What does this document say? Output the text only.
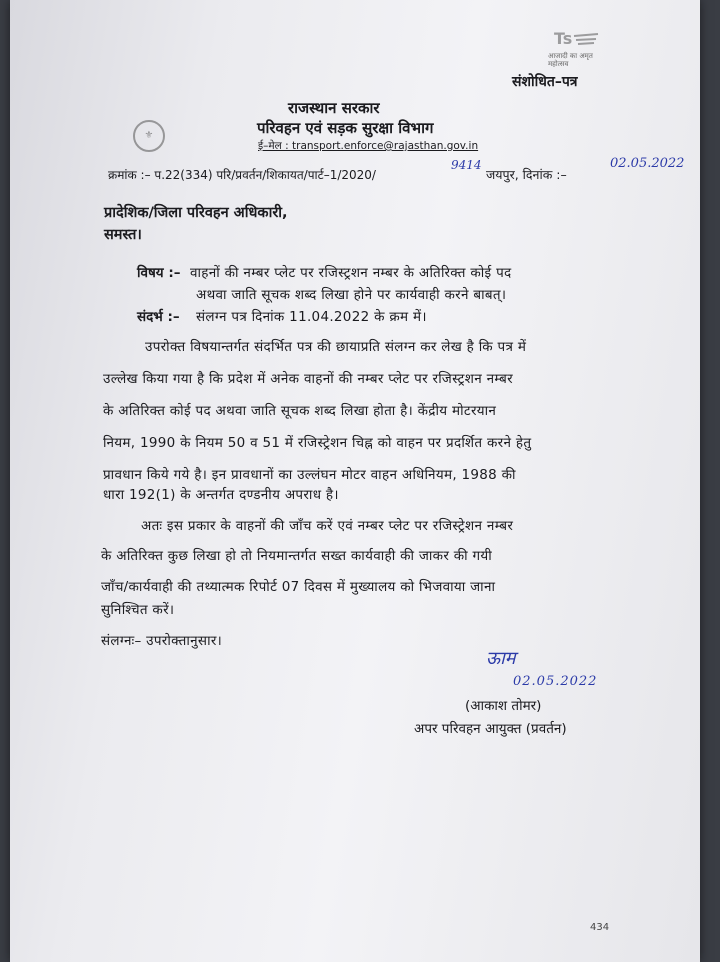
Ts
आजादी का अमृत महोत्सव
संशोधित–पत्र
⚜
राजस्थान सरकार
परिवहन एवं सड़क सुरक्षा विभाग
ई–मेल : transport.enforce@rajasthan.gov.in
क्रमांक :– प.22(334) परि/प्रवर्तन/शिकायत/पार्ट–1/2020/
9414
जयपुर, दिनांक :–
02.05.2022
प्रादेशिक/जिला परिवहन अधिकारी,
समस्त।
विषय :– वाहनों की नम्बर प्लेट पर रजिस्ट्रशन नम्बर के अतिरिक्त कोई पद
अथवा जाति सूचक शब्द लिखा होने पर कार्यवाही करने बाबत्।
संदर्भ :– संलग्न पत्र दिनांक 11.04.2022 के क्रम में।
उपरोक्त विषयान्तर्गत संदर्भित पत्र की छायाप्रति संलग्न कर लेख है कि पत्र में
उल्लेख किया गया है कि प्रदेश में अनेक वाहनों की नम्बर प्लेट पर रजिस्ट्रशन नम्बर
के अतिरिक्त कोई पद अथवा जाति सूचक शब्द लिखा होता है। केंद्रीय मोटरयान
नियम, 1990 के नियम 50 व 51 में रजिस्ट्रेशन चिह्न को वाहन पर प्रदर्शित करने हेतु
प्रावधान किये गये है। इन प्रावधानों का उल्लंघन मोटर वाहन अधिनियम, 1988 की
धारा 192(1) के अन्तर्गत दण्डनीय अपराध है।
अतः इस प्रकार के वाहनों की जाँच करें एवं नम्बर प्लेट पर रजिस्ट्रेशन नम्बर
के अतिरिक्त कुछ लिखा हो तो नियमान्तर्गत सख्त कार्यवाही की जाकर की गयी
जाँच/कार्यवाही की तथ्यात्मक रिपोर्ट 07 दिवस में मुख्यालय को भिजवाया जाना
सुनिश्चित करें।
संलग्नः– उपरोक्तानुसार।
ऊाम
02.05.2022
(आकाश तोमर)
अपर परिवहन आयुक्त (प्रवर्तन)
434
